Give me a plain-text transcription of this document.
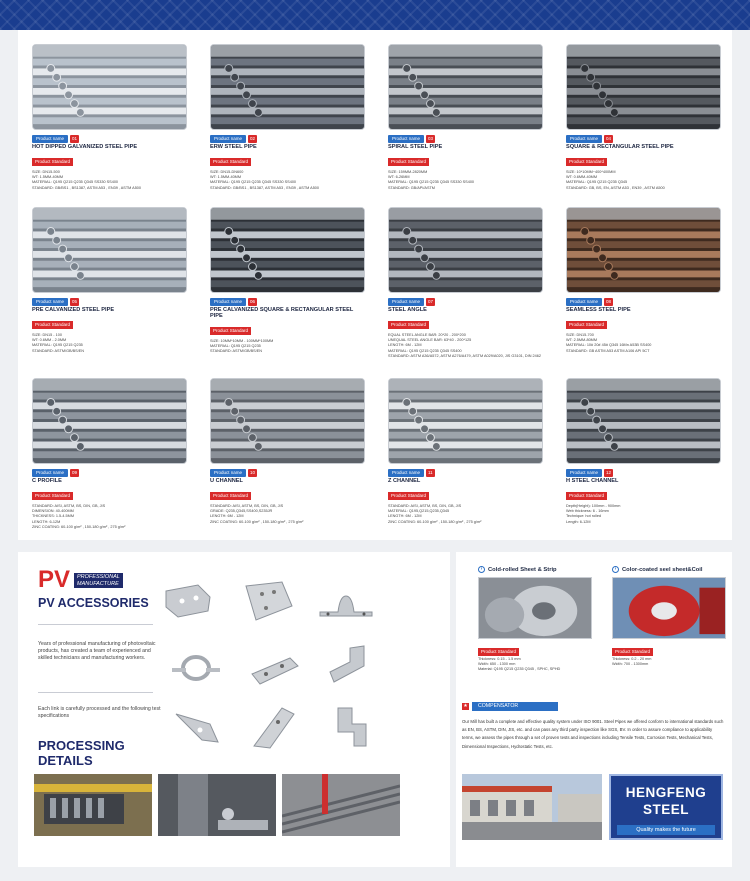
Product name	01
HOT DIPPED GALVANIZED STEEL PIPE
Product Standard
SIZE: DN15-500
WT: 1.5MM-40MM
MATERIAL: Q195 Q215 Q235 Q345 SS330 SS400
STANDARD: GB/BS1 , BS1387, ASTM A53 , EN39 , ASTM A500
Product name	02
ERW STEEL PIPE
Product Standard
SIZE: DN15-DN600
WT: 1.5MM-40MM
MATERIAL: Q195 Q215 Q235 Q345 SS330 SS400
STANDARD: GB/BS1 , BS1387, ASTM A53 , EN39 , ASTM A500
Product name	03
SPIRAL STEEL PIPE
Product Standard
SIZE: 159MM-2820MM
WT: 6-26MM
MATERIAL: Q195 Q215 Q235 Q345 SS330 SS400
STANDARD: GB/API/ASTM
Product name	04
SQUARE & RECTANGULAR STEEL PIPE
Product Standard
SIZE: 10*10MM~400*400MM
WT: 0.6MM-40MM
MATERIAL: Q195 Q215 Q235 Q345
STANDARD: GB, BS, EN, ASTM A53 , EN39 , ASTM A500
Product name	05
PRE CALVANIZED STEEL PIPE
Product Standard
SIZE: DN15 - 100
WT: 0.6MM - 2.0MM
MATERIAL: Q195 Q215 Q235
STANDARD: ASTM/GB/BS/EN
Product name	06
PRE CALVANIZED SQUARE & RECTANGULAR STEEL PIPE
Product Standard
SIZE: 10MM*10MM - 100MM*100MM
MATERIAL: Q195 Q215 Q235
STANDARD: ASTM/GB/BS/EN
Product name	07
STEEL ANGLE
Product Standard
EQUAL STEEL ANGLE BAR: 20*20 - 200*200
UNEQUAL STEEL ANGLE BAR: 63*40 - 200*125
LENGTH: 6M - 12M
MATERIAL: Q195 Q215 Q235 Q345 SS400
STANDARD: ASTM A36/A572, ASTM A276/A479, ASTM A029/A020, JIS G3101, DIN 2462
Product name	08
SEAMLESS STEEL PIPE
Product Standard
SIZE: DN15-700
WT: 2.5MM-80MM
MATERIAL: 10# 20# 45# Q345 16Mn A53B SS400
STANDARD: GB ASTM A53 ASTM A106 API 5CT
Product name	09
C PROFILE
Product Standard
STANDARD: AISI, ASTM, BS, DIN, GB, JIS
DIMENSION: 40-400MM
THICKNESS: 1.5-4.5MM
LENGTH: 6-12M
ZINC COATING: 60-100 g/m² , 150-180 g/m² , 275 g/m²
Product name	10
U CHANNEL
Product Standard
STANDARD: AISI, ASTM, BS, DIN, GB, JIS
GRADE: Q235,Q345,SS400,S235JR
LENGTH: 6M - 12M
ZINC COATING: 60-100 g/m² , 150-180 g/m² , 275 g/m²
Product name	11
Z CHANNEL
Product Standard
STANDARD: AISI, ASTM, BS, DIN, GB, JIS
MATERIAL: Q195,Q215,Q235,Q345
LENGTH: 6M - 12M
ZINC COATING: 60-100 g/m² , 150-180 g/m² , 275 g/m²
Product name	12
H STEEL CHANNEL
Product Standard
Depth(Height): 100mm - 900mm
Web thickness: 6 - 16mm
Technique: hot rolled
Length: 6-12M
PV	PROFESSIONAL
MANUFACTURE
PV ACCESSORIES
Years of professional manufacturing of photovoltaic products, has created a team of experienced and skilled technicians and manufacturing workers.
Each link is carefully processed and the following test specifications
PROCESSING
DETAILS
› Cold-rolled Sheet & Strip	› Color-coated seel sheet&Coil
Product Standard	Product Standard
Thickness: 0.15 - 1.5 mm
Width: 650 - 1300 mm
Material: Q195 Q215 Q235 Q345 , SPHC, SPHD
Thickness: 0.2 - 20 mm
Width: 700 - 1300mm
★	COMPENSATOR
Our Mill has built a complete and effective quality system under ISO 9001. Steel Pipes we offered conform to international standards such as EN, BS, ASTM, DIN, JIS, etc. and can pass any third party inspection like SGS, BV. In order to assure compliance to applicability terms, we assess the pipes through a set of proven tests and inspections including Tensile Tests, Corrosion Tests, Mechanical Tests, Dimensional Inspections, Hydrostatic Tests, etc.
HENGFENG
STEEL
Quality makes the future
